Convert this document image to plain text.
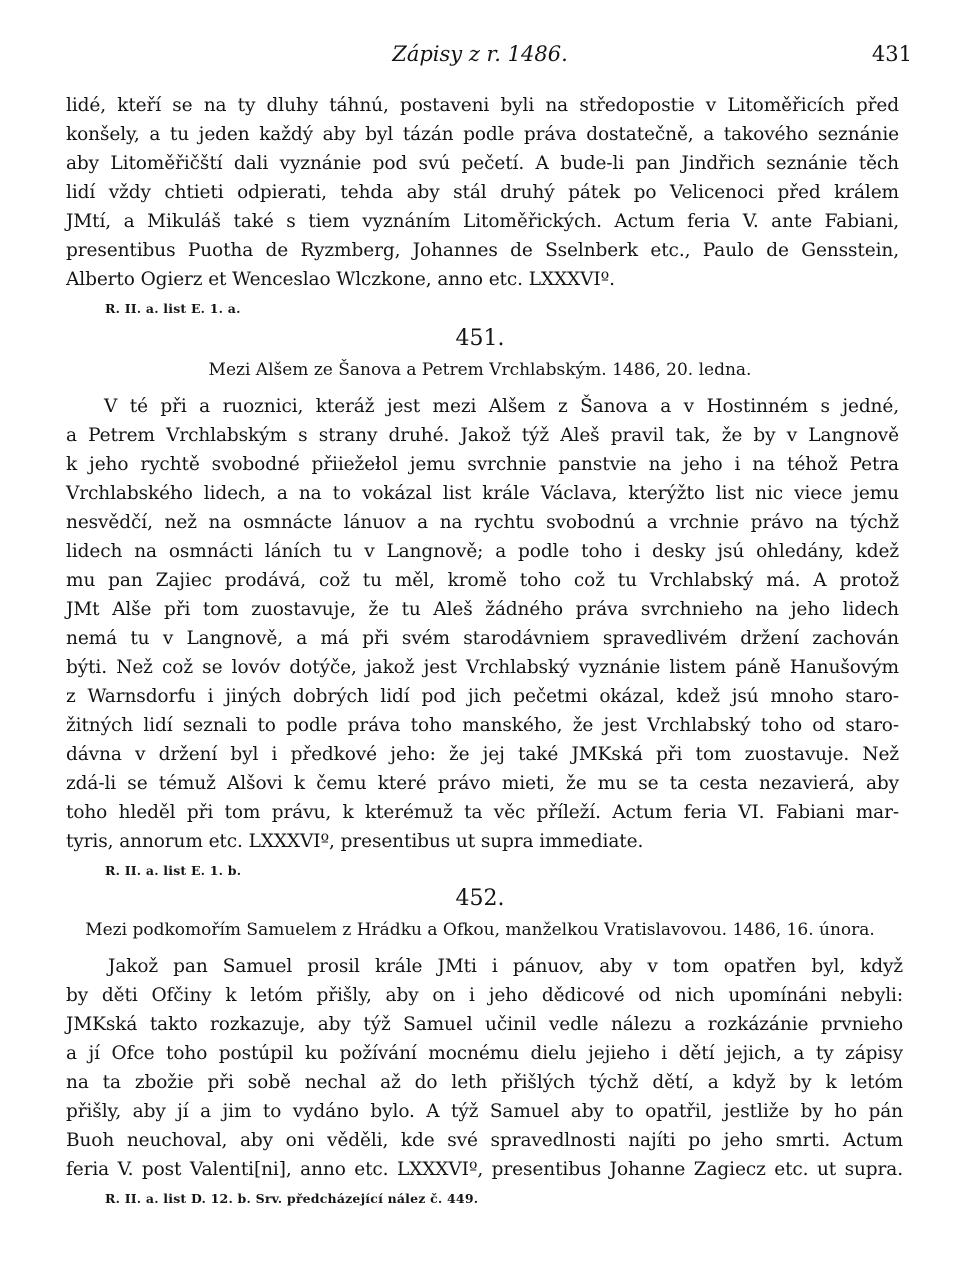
Zápisy z r. 1486.	431
lidé, kteří se na ty dluhy táhnú, postaveni byli na středopostie v Litoměřicích před
konšely, a tu jeden každý aby byl tázán podle práva dostatečně, a takového seznánie
aby Litoměřičští dali vyznánie pod svú pečetí. A bude-li pan Jindřich seznánie těch
lidí vždy chtieti odpierati, tehda aby stál druhý pátek po Velicenoci před králem
JMtí, a Mikuláš také s tiem vyznáním Litoměřických. Actum feria V. ante Fabiani,
presentibus Puotha de Ryzmberg, Johannes de Sselnberk etc., Paulo de Gensstein,
Alberto Ogierz et Wenceslao Wlczkone, anno etc. LXXXVIº.
R. II. a. list E. 1. a.
451.
Mezi Alšem ze Šanova a Petrem Vrchlabským. 1486, 20. ledna.
V té při a ruoznici, kteráž jest mezi Alšem z Šanova a v Hostinném s jedné,
a Petrem Vrchlabským s strany druhé. Jakož týž Aleš pravil tak, že by v Langnově
k jeho rychtě svobodné přiiežełol jemu svrchnie panstvie na jeho i na téhož Petra
Vrchlabského lidech, a na to vokázal list krále Václava, kterýžto list nic viece jemu
nesvědčí, než na osmnácte lánuov a na rychtu svobodnú a vrchnie právo na týchž
lidech na osmnácti láních tu v Langnově; a podle toho i desky jsú ohledány, kdež
mu pan Zajiec prodává, což tu měl, kromě toho což tu Vrchlabský má. A protož
JMt Alše při tom zuostavuje, že tu Aleš žádného práva svrchnieho na jeho lidech
nemá tu v Langnově, a má při svém starodávniem spravedlivém držení zachován
býti. Než což se lovóv dotýče, jakož jest Vrchlabský vyznánie listem páně Hanušovým
z Warnsdorfu i jiných dobrých lidí pod jich pečetmi okázal, kdež jsú mnoho staro-
žitných lidí seznali to podle práva toho manského, že jest Vrchlabský toho od staro-
dávna v držení byl i předkové jeho: že jej také JMKská při tom zuostavuje. Než
zdá-li se témuž Alšovi k čemu které právo mieti, že mu se ta cesta nezavierá, aby
toho hleděl při tom právu, k kterémuž ta věc příleží. Actum feria VI. Fabiani mar-
tyris, annorum etc. LXXXVIº, presentibus ut supra immediate.
R. II. a. list E. 1. b.
452.
Mezi podkomořím Samuelem z Hrádku a Ofkou, manželkou Vratislavovou. 1486, 16. února.
Jakož pan Samuel prosil krále JMti i pánuov, aby v tom opatřen byl, když
by děti Ofčiny k letóm přišly, aby on i jeho dědicové od nich upomínáni nebyli:
JMKská takto rozkazuje, aby týž Samuel učinil vedle nálezu a rozkázánie prvnieho
a jí Ofce toho postúpil ku požívání mocnému dielu jejieho i dětí jejich, a ty zápisy
na ta zbožie při sobě nechal až do leth přišlých týchž dětí, a když by k letóm
přišly, aby jí a jim to vydáno bylo. A týž Samuel aby to opatřil, jestliže by ho pán
Buoh neuchoval, aby oni věděli, kde své spravedlnosti najíti po jeho smrti. Actum
feria V. post Valenti[ni], anno etc. LXXXVIº, presentibus Johanne Zagiecz etc. ut supra.
R. II. a. list D. 12. b. Srv. předcházející nález č. 449.
